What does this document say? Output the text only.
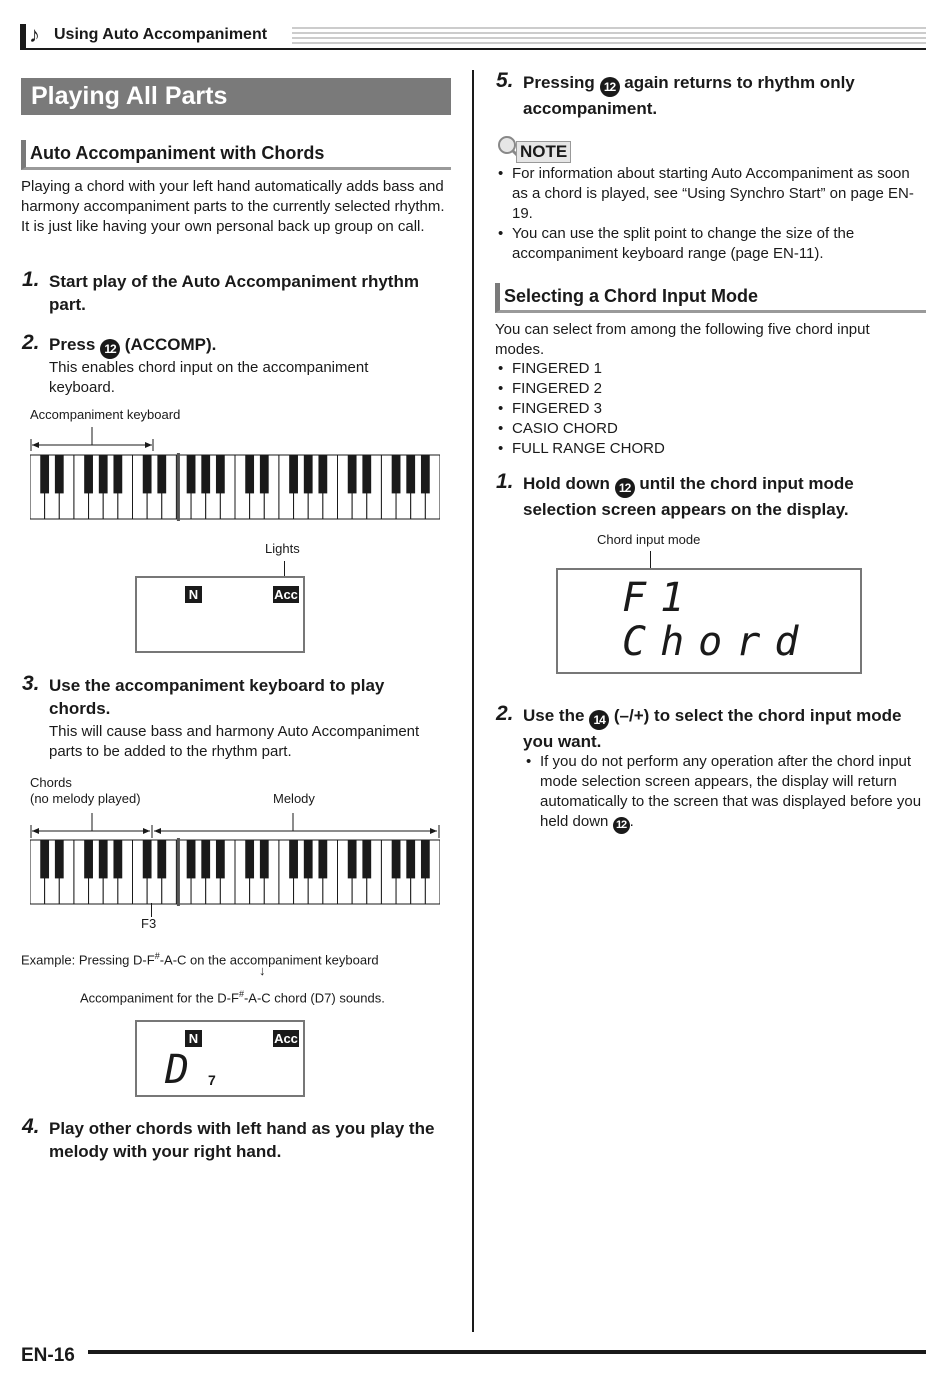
♪ Using Auto Accompaniment
Playing All Parts
Auto Accompaniment with Chords
Playing a chord with your left hand automatically adds bass and harmony accompaniment parts to the currently selected rhythm. It is just like having your own personal back up group on call.
1. Start play of the Auto Accompaniment rhythm part.
2. Press 12 (ACCOMP).
This enables chord input on the accompaniment keyboard.
Accompaniment keyboard
Lights
N	Acc
3. Use the accompaniment keyboard to play chords.
This will cause bass and harmony Auto Accompaniment parts to be added to the rhythm part.
Chords
(no melody played)	Melody
F3
Example: Pressing D-F#-A-C on the accompaniment keyboard
↓
Accompaniment for the D-F#-A-C chord (D7) sounds.
N	Acc
D 7
4. Play other chords with left hand as you play the melody with your right hand.
5. Pressing 12 again returns to rhythm only accompaniment.
NOTE
• For information about starting Auto Accompaniment as soon as a chord is played, see “Using Synchro Start” on page EN-19.
• You can use the split point to change the size of the accompaniment keyboard range (page EN-11).
Selecting a Chord Input Mode
You can select from among the following five chord input modes.
• FINGERED 1
• FINGERED 2
• FINGERED 3
• CASIO CHORD
• FULL RANGE CHORD
1. Hold down 12 until the chord input mode selection screen appears on the display.
Chord input mode
F1
Chord
2. Use the 14 (–/+) to select the chord input mode you want.
• If you do not perform any operation after the chord input mode selection screen appears, the display will return automatically to the screen that was displayed before you held down 12 .
EN-16
